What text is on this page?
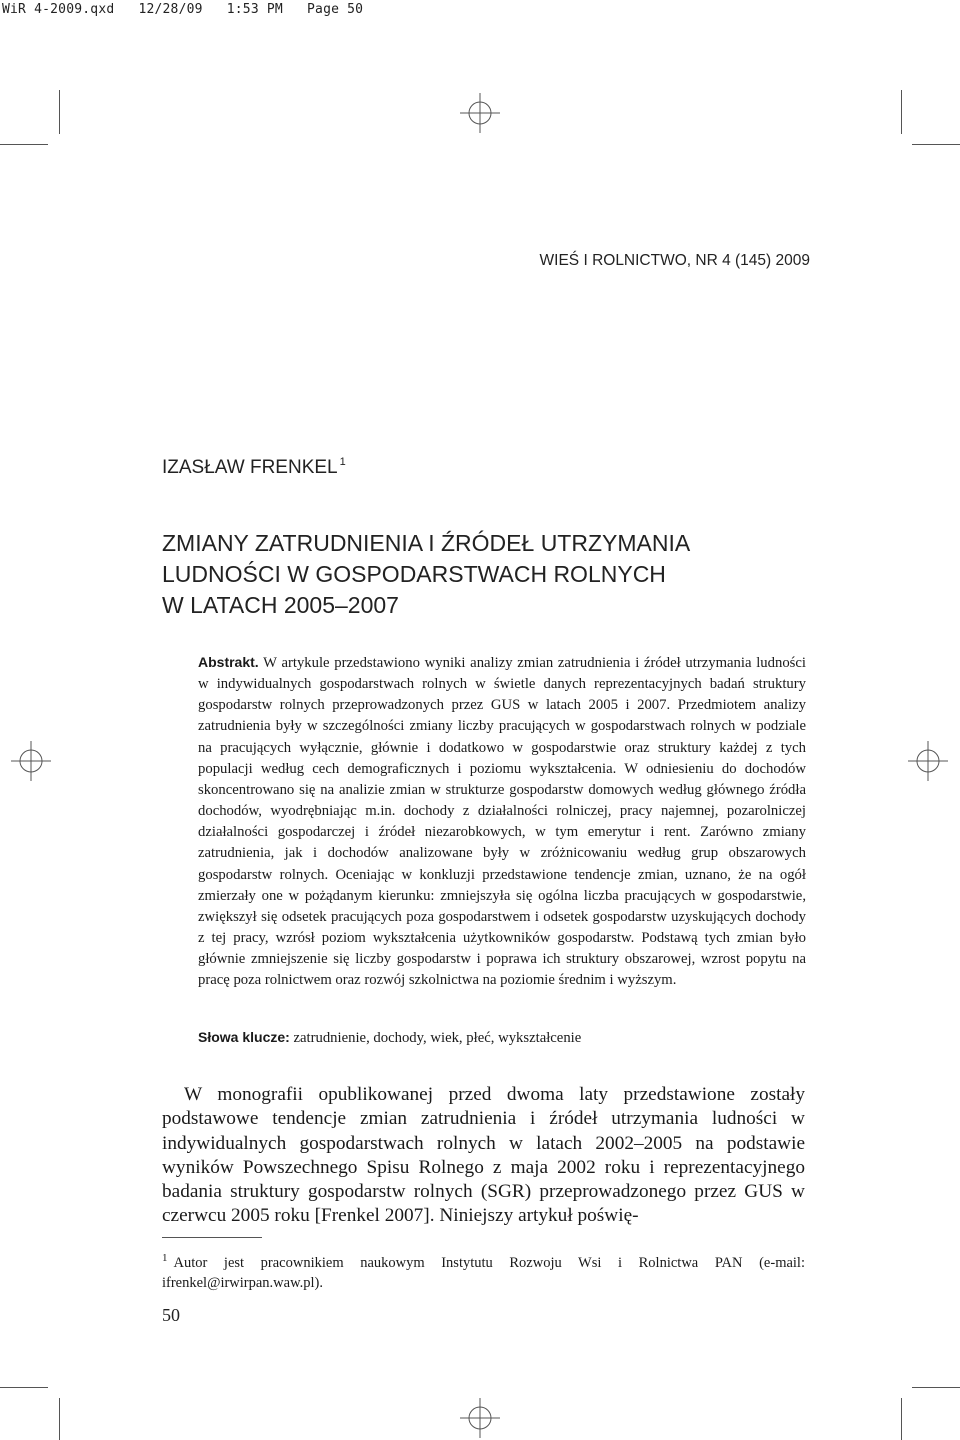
WiR 4-2009.qxd   12/28/09   1:53 PM   Page 50
WIEŚ I ROLNICTWO, NR 4 (145) 2009
IZASŁAW FRENKEL $^1$
ZMIANY ZATRUDNIENIA I ŹRÓDEŁ UTRZYMANIA
LUDNOŚCI W GOSPODARSTWACH ROLNYCH
W LATACH 2005–2007
Abstrakt. W artykule przedstawiono wyniki analizy zmian zatrudnienia i źródeł utrzymania ludności w indywidualnych gospodarstwach rolnych w świetle danych reprezentacyjnych badań struktury gospodarstw rolnych przeprowadzonych przez GUS w latach 2005 i 2007. Przedmiotem analizy zatrudnienia były w szczególności zmiany liczby pracujących w gospodarstwach rolnych w podziale na pracujących wyłącznie, głównie i dodatkowo w gospodarstwie oraz struktury każdej z tych populacji według cech demograficznych i poziomu wykształcenia. W odniesieniu do dochodów skoncentrowano się na analizie zmian w strukturze gospodarstw domowych według głównego źródła dochodów, wyodrębniając m.in. dochody z działalności rolniczej, pracy najemnej, pozarolniczej działalności gospodarczej i źródeł niezarobkowych, w tym emerytur i rent. Zarówno zmiany zatrudnienia, jak i dochodów analizowane były w zróżnicowaniu według grup obszarowych gospodarstw rolnych. Oceniając w konkluzji przedstawione tendencje zmian, uznano, że na ogół zmierzały one w pożądanym kierunku: zmniejszyła się ogólna liczba pracujących w gospodarstwie, zwiększył się odsetek pracujących poza gospodarstwem i odsetek gospodarstw uzyskujących dochody z tej pracy, wzrósł poziom wykształcenia użytkowników gospodarstw. Podstawą tych zmian było głównie zmniejszenie się liczby gospodarstw i poprawa ich struktury obszarowej, wzrost popytu na pracę poza rolnictwem oraz rozwój szkolnictwa na poziomie średnim i wyższym.
Słowa klucze: zatrudnienie, dochody, wiek, płeć, wykształcenie
W monografii opublikowanej przed dwoma laty przedstawione zostały podstawowe tendencje zmian zatrudnienia i źródeł utrzymania ludności w indywidualnych gospodarstwach rolnych w latach 2002–2005 na podstawie wyników Powszechnego Spisu Rolnego z maja 2002 roku i reprezentacyjnego badania struktury gospodarstw rolnych (SGR) przeprowadzonego przez GUS w czerwcu 2005 roku [Frenkel 2007]. Niniejszy artykuł poświę-
$^1$ Autor jest pracownikiem naukowym Instytutu Rozwoju Wsi i Rolnictwa PAN (e-mail: ifrenkel@irwirpan.waw.pl).
50
